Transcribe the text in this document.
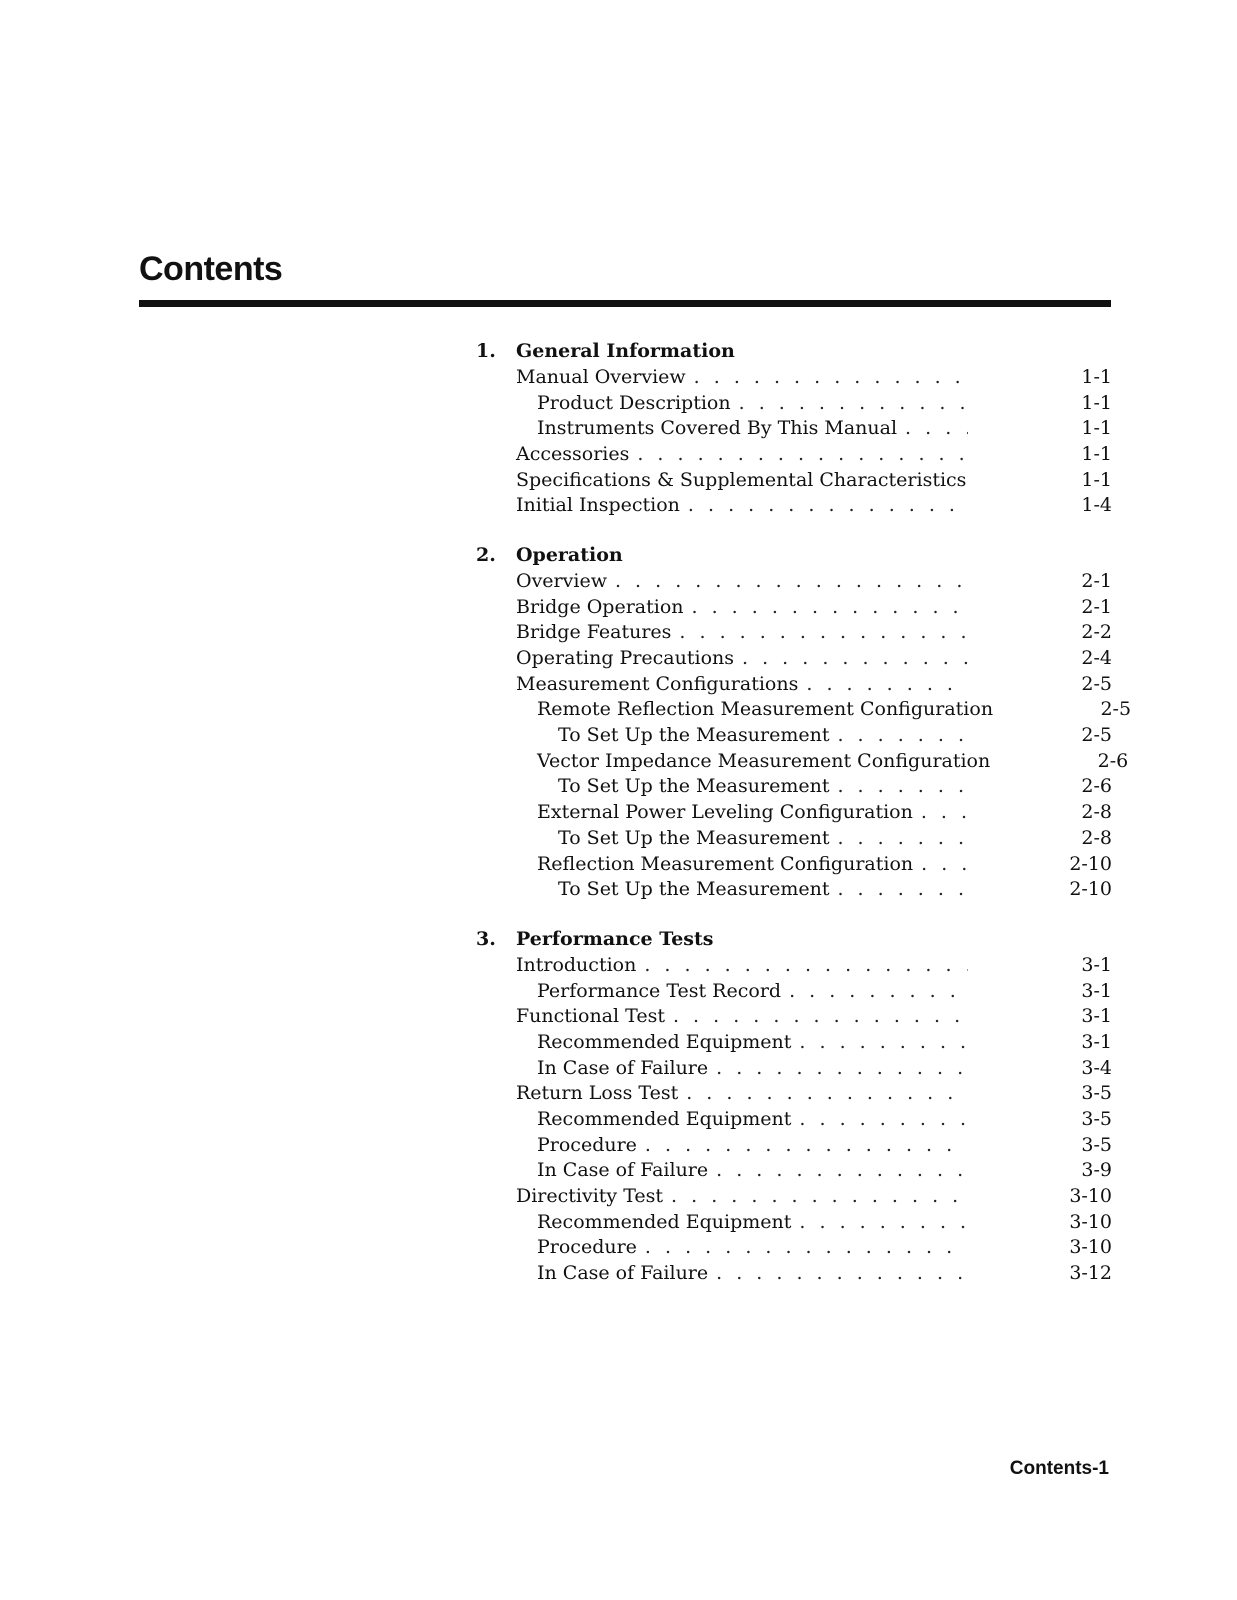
Contents
1.	General Information
Manual Overview . . .	1-1
Product Description . . .	1-1
Instruments Covered By This Manual . . .	1-1
Accessories . . .	1-1
Specifications & Supplemental Characteristics	1-1
Initial Inspection . . .	1-4
2.	Operation
Overview . . .	2-1
Bridge Operation . . .	2-1
Bridge Features . . .	2-2
Operating Precautions . . .	2-4
Measurement Configurations . . .	2-5
Remote Reflection Measurement Configuration	2-5
To Set Up the Measurement . . .	2-5
Vector Impedance Measurement Configuration	2-6
To Set Up the Measurement . . .	2-6
External Power Leveling Configuration . . .	2-8
To Set Up the Measurement . . .	2-8
Reflection Measurement Configuration . . .	2-10
To Set Up the Measurement . . .	2-10
3.	Performance Tests
Introduction . . .	3-1
Performance Test Record . . .	3-1
Functional Test . . .	3-1
Recommended Equipment . . .	3-1
In Case of Failure . . .	3-4
Return Loss Test . . .	3-5
Recommended Equipment . . .	3-5
Procedure . . .	3-5
In Case of Failure . . .	3-9
Directivity Test . . .	3-10
Recommended Equipment . . .	3-10
Procedure . . .	3-10
In Case of Failure . . .	3-12
Contents-1
